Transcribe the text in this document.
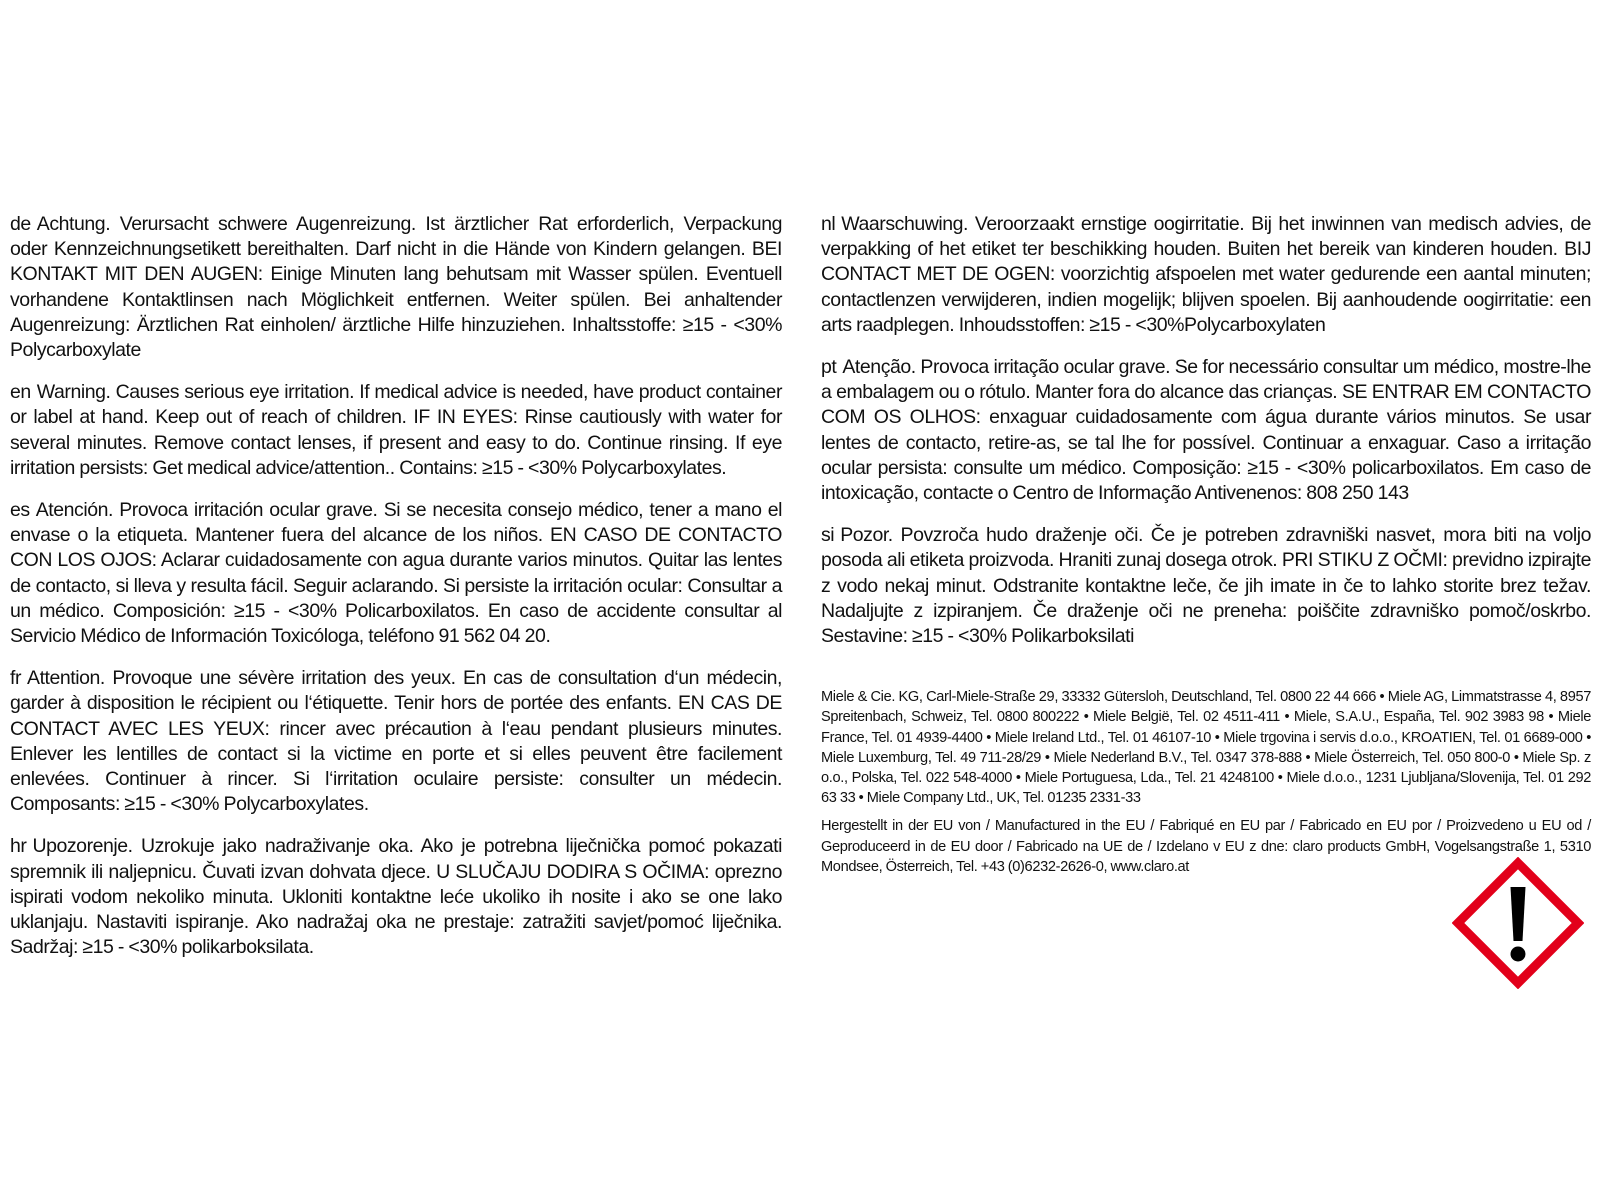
de Achtung. Verursacht schwere Augenreizung. Ist ärztlicher Rat erforderlich, Verpackung oder Kennzeichnungsetikett bereithalten. Darf nicht in die Hände von Kindern gelangen. BEI KONTAKT MIT DEN AUGEN: Einige Minuten lang behutsam mit Wasser spülen. Eventuell vorhandene Kontaktlinsen nach Möglichkeit entfernen. Weiter spülen. Bei anhaltender Augenreizung: Ärztlichen Rat einholen/ ärztliche Hilfe hinzuziehen. Inhaltsstoffe: ≥15 - <30% Polycarboxylate

en Warning. Causes serious eye irritation. If medical advice is needed, have product container or label at hand. Keep out of reach of children. IF IN EYES: Rinse cautiously with water for several minutes. Remove contact lenses, if present and easy to do. Continue rinsing. If eye irritation persists: Get medical advice/attention.. Contains: ≥15 - <30% Polycarboxylates.

es Atención. Provoca irritación ocular grave. Si se necesita consejo médico, tener a mano el envase o la etiqueta. Mantener fuera del alcance de los niños. EN CASO DE CONTACTO CON LOS OJOS: Aclarar cuidadosamente con agua durante varios minutos. Quitar las lentes de contacto, si lleva y resulta fácil. Seguir aclarando. Si persiste la irritación ocular: Consultar a un médico. Composición: ≥15 - <30% Policarboxilatos. En caso de accidente consultar al Servicio Médico de Información Toxicóloga, teléfono 91 562 04 20.

fr Attention. Provoque une sévère irritation des yeux. En cas de consultation d‘un médecin, garder à disposition le récipient ou l‘étiquette. Tenir hors de portée des enfants. EN CAS DE CONTACT AVEC LES YEUX: rincer avec précaution à l‘eau pendant plusieurs minutes. Enlever les lentilles de contact si la victime en porte et si elles peuvent être facilement enlevées. Continuer à rincer. Si l‘irritation oculaire persiste: consulter un médecin. Composants: ≥15 - <30% Polycarboxylates.

hr Upozorenje. Uzrokuje jako nadraživanje oka. Ako je potrebna liječnička pomoć pokazati spremnik ili naljepnicu. Čuvati izvan dohvata djece. U SLUČAJU DODIRA S OČIMA: oprezno ispirati vodom nekoliko minuta. Ukloniti kontaktne leće ukoliko ih nosite i ako se one lako uklanjaju. Nastaviti ispiranje. Ako nadražaj oka ne prestaje: zatražiti savjet/pomoć liječnika. Sadržaj: ≥15 - <30% polikarboksilata.

nl Waarschuwing. Veroorzaakt ernstige oogirritatie. Bij het inwinnen van medisch advies, de verpakking of het etiket ter beschikking houden. Buiten het bereik van kinderen houden. BIJ CONTACT MET DE OGEN: voorzichtig afspoelen met water gedurende een aantal minuten; contactlenzen verwijderen, indien mogelijk; blijven spoelen. Bij aanhoudende oogirritatie: een arts raadplegen. Inhoudsstoffen: ≥15 - <30%Polycarboxylaten

pt Atenção. Provoca irritação ocular grave. Se for necessário consultar um médico, mostre-lhe a embalagem ou o rótulo. Manter fora do alcance das crianças. SE ENTRAR EM CONTACTO COM OS OLHOS: enxaguar cuidadosamente com água durante vários minutos. Se usar lentes de contacto, retire-as, se tal lhe for possível. Continuar a enxaguar. Caso a irritação ocular persista: consulte um médico. Composição: ≥15 - <30% policarboxilatos. Em caso de intoxicação, contacte o Centro de Informação Antivenenos: 808 250 143

si Pozor. Povzroča hudo draženje oči. Če je potreben zdravniški nasvet, mora biti na voljo posoda ali etiketa proizvoda. Hraniti zunaj dosega otrok. PRI STIKU Z OČMI: previdno izpirajte z vodo nekaj minut. Odstranite kontaktne leče, če jih imate in če to lahko storite brez težav. Nadaljujte z izpiranjem. Če draženje oči ne preneha: poiščite zdravniško pomoč/oskrbo. Sestavine: ≥15 - <30% Polikarboksilati

Miele & Cie. KG, Carl-Miele-Straße 29, 33332 Gütersloh, Deutschland, Tel. 0800 22 44 666 • Miele AG, Limmatstrasse 4, 8957 Spreitenbach, Schweiz, Tel. 0800 800222 • Miele België, Tel. 02 4511-411 • Miele, S.A.U., España, Tel. 902 3983 98 • Miele France, Tel. 01 4939-4400 • Miele Ireland Ltd., Tel. 01 46107-10 • Miele trgovina i servis d.o.o., KROATIEN, Tel. 01 6689-000 • Miele Luxemburg, Tel. 49 711-28/29 • Miele Nederland B.V., Tel. 0347 378-888 • Miele Österreich, Tel. 050 800-0 • Miele Sp. z o.o., Polska, Tel. 022 548-4000 • Miele Portuguesa, Lda., Tel. 21 4248100 • Miele d.o.o., 1231 Ljubljana/Slovenija, Tel. 01 292 63 33 • Miele Company Ltd., UK, Tel. 01235 2331-33

Hergestellt in der EU von / Manufactured in the EU / Fabriqué en EU par / Fabricado en EU por / Proizvedeno u EU od / Geproduceerd in de EU door / Fabricado na UE de / Izdelano v EU z dne: claro products GmbH, Vogelsangstraße 1, 5310 Mondsee, Österreich, Tel. +43 (0)6232-2626-0, www.claro.at
